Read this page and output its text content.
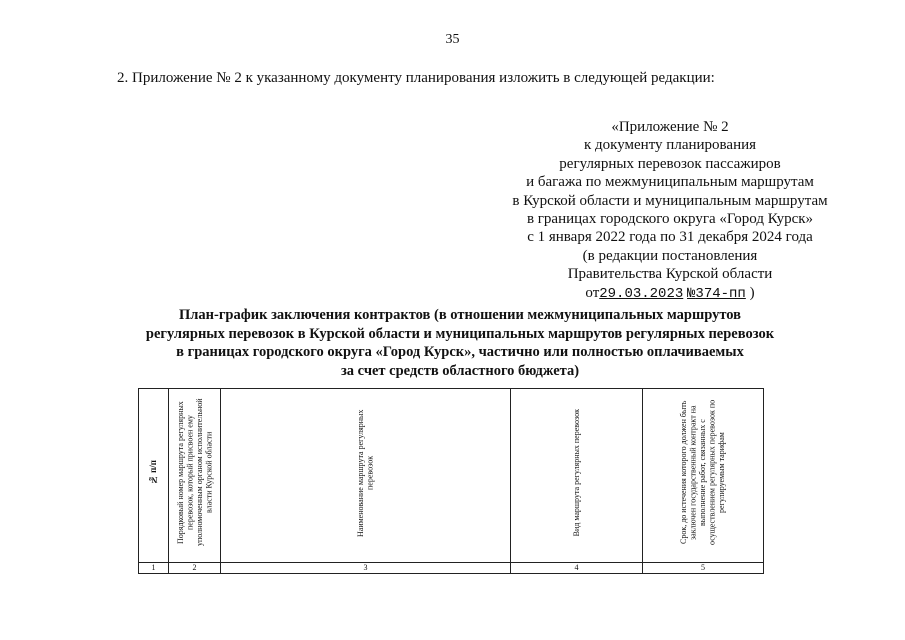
35
2. Приложение № 2 к указанному документу планирования изложить в следующей редакции:
«Приложение № 2
к документу планирования
регулярных перевозок пассажиров
и багажа по межмуниципальным маршрутам
в Курской области и муниципальным маршрутам
в границах городского округа «Город Курск»
с 1 января 2022 года по 31 декабря 2024 года
(в редакции постановления
Правительства Курской области
от29.03.2023 №374-пп )
План-график заключения контрактов (в отношении межмуниципальных маршрутов
регулярных перевозок в Курской области и муниципальных маршрутов регулярных перевозок
в границах городского округа «Город Курск», частично или полностью оплачиваемых
за счет средств областного бюджета)
№ п/п	Порядковый номер маршрута регулярных перевозок, который присвоен ему уполномоченным органом исполнительной власти Курской области	Наименование маршрута регулярных перевозок	Вид маршрута регулярных перевозок	Срок, до истечения которого должен быть заключен государственный контракт на выполнение работ, связанных с осуществлением регулярных перевозок по регулируемым тарифам
1	2	3	4	5
